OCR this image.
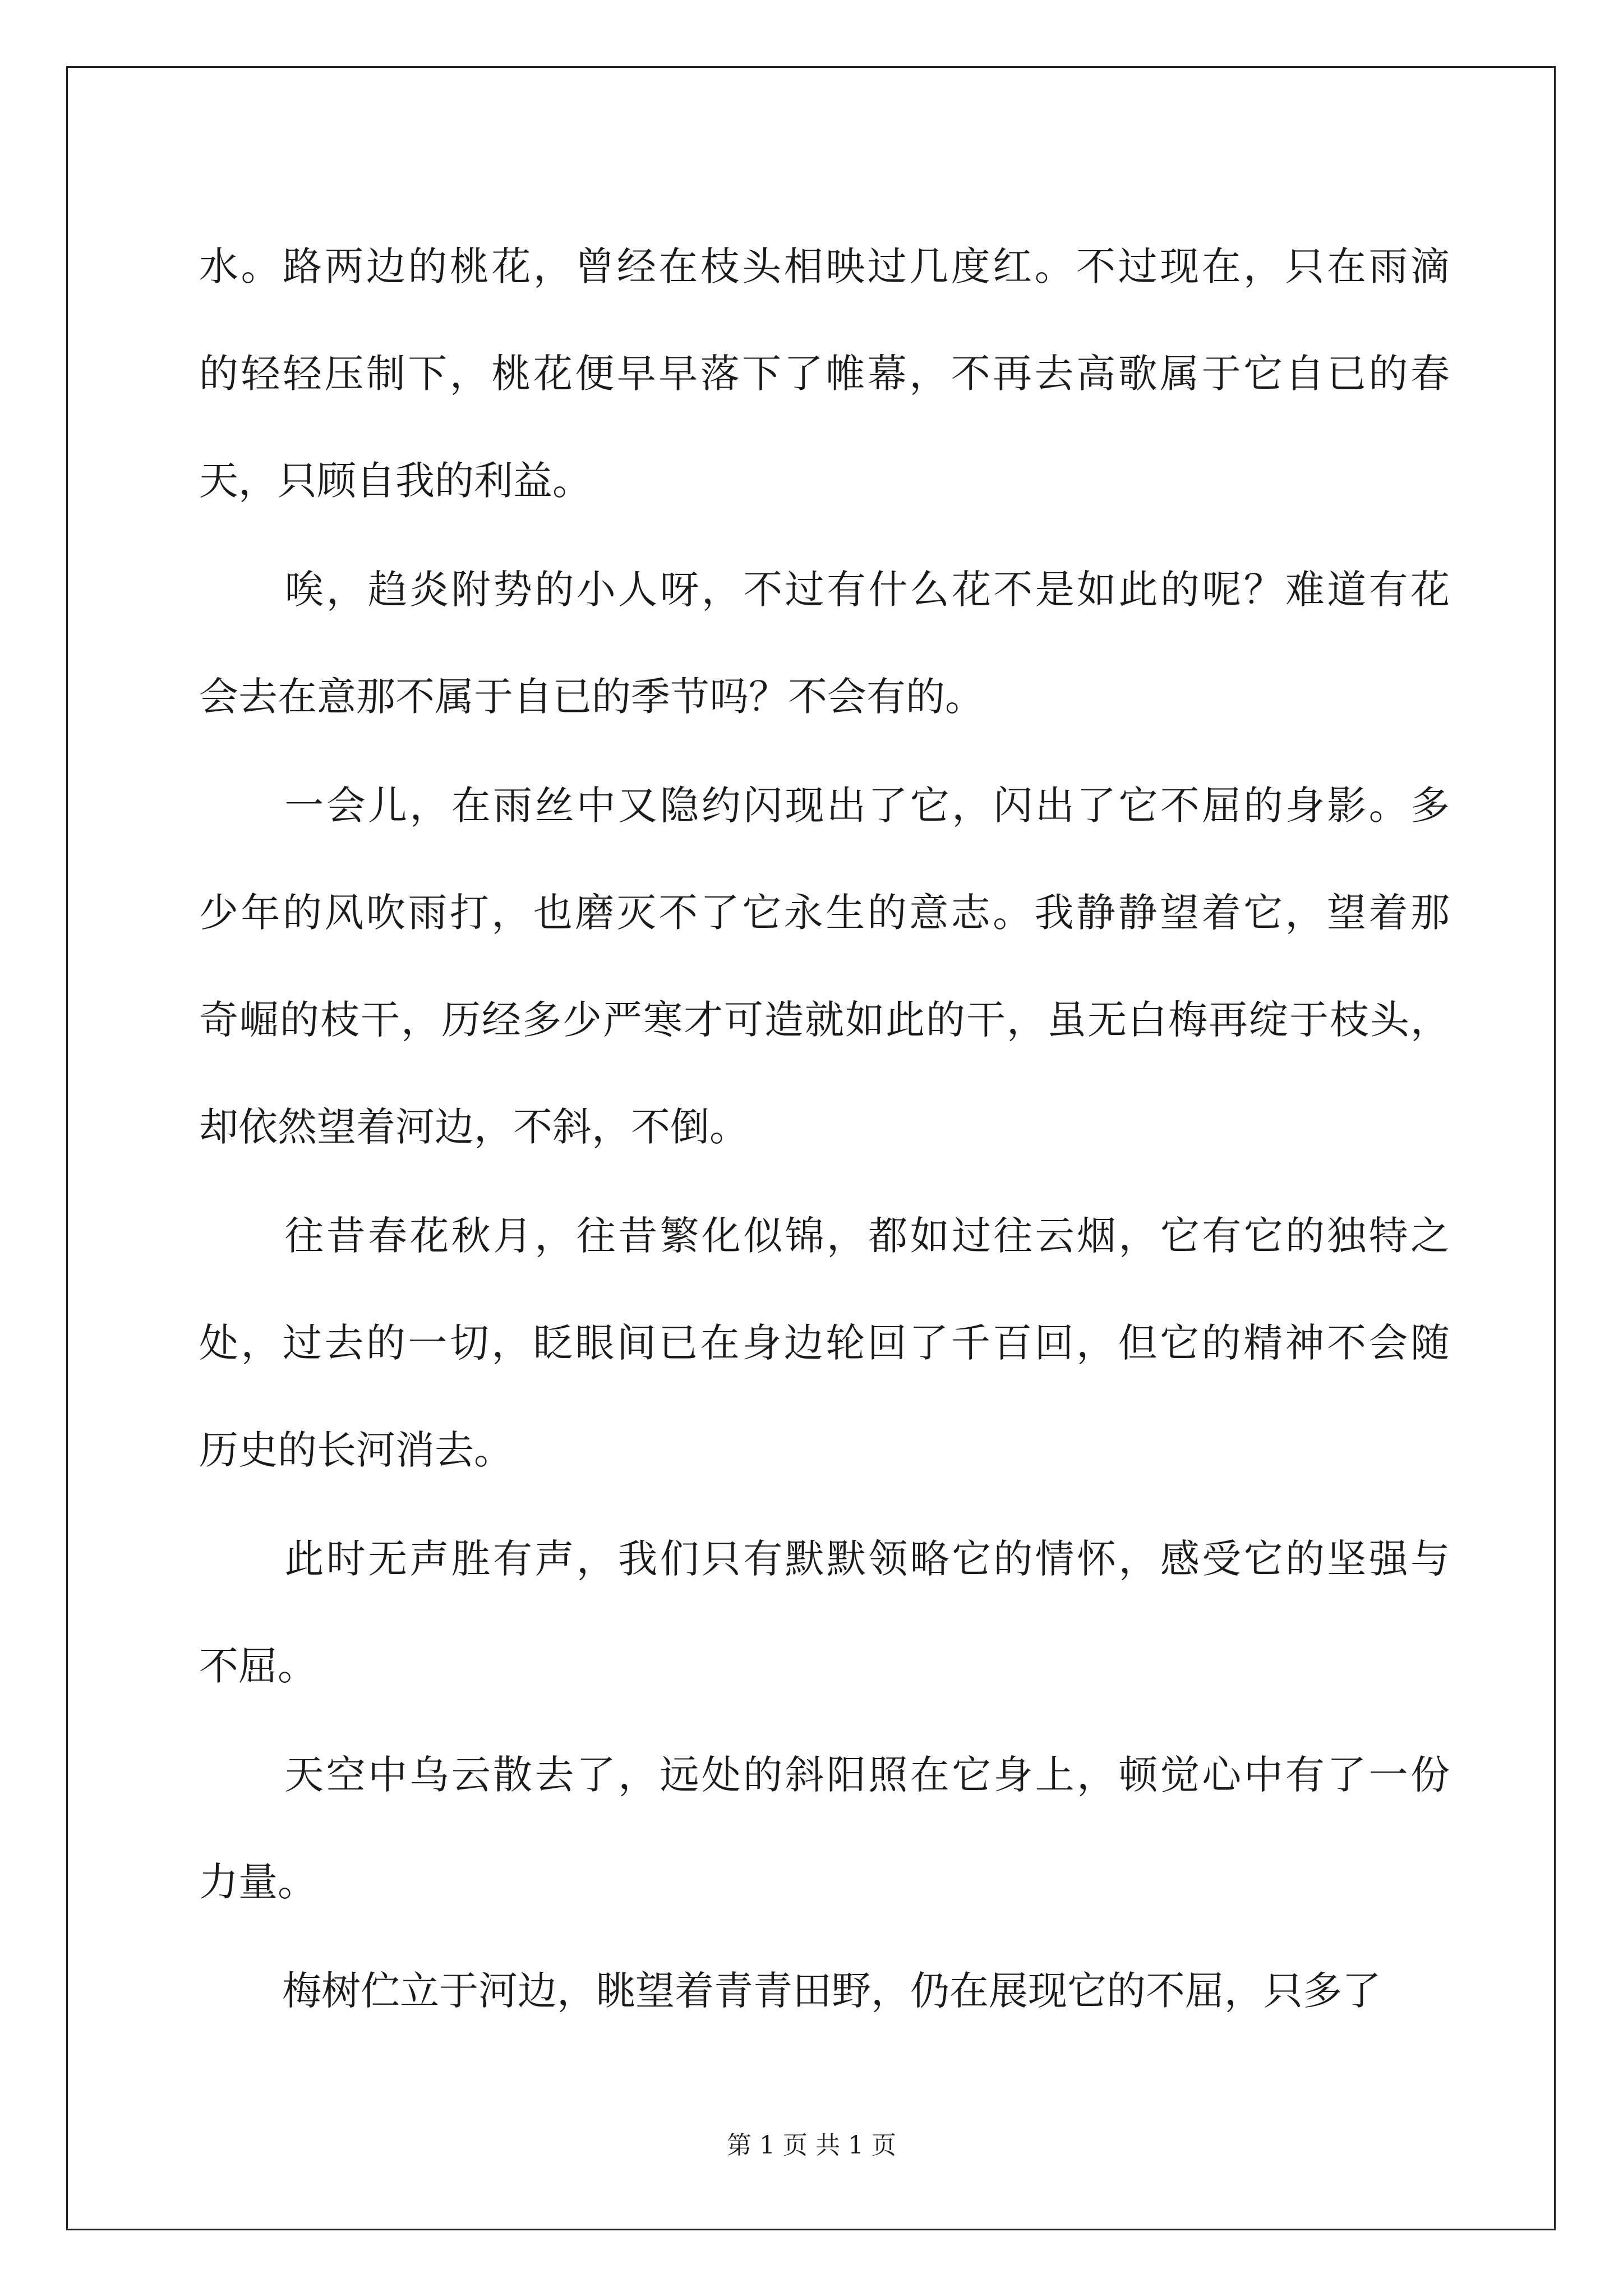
水。路两边的桃花，曾经在枝头相映过几度红。不过现在，只在雨滴
的轻轻压制下，桃花便早早落下了帷幕，不再去高歌属于它自已的春
天，只顾自我的利益。
唉，趋炎附势的小人呀，不过有什么花不是如此的呢？难道有花
会去在意那不属于自已的季节吗？不会有的。
一会儿，在雨丝中又隐约闪现出了它，闪出了它不屈的身影。多
少年的风吹雨打，也磨灭不了它永生的意志。我静静望着它，望着那
奇崛的枝干，历经多少严寒才可造就如此的干，虽无白梅再绽于枝头，
却依然望着河边，不斜，不倒。
往昔春花秋月，往昔繁化似锦，都如过往云烟，它有它的独特之
处，过去的一切，眨眼间已在身边轮回了千百回，但它的精神不会随
历史的长河消去。
此时无声胜有声，我们只有默默领略它的情怀，感受它的坚强与
不屈。
天空中乌云散去了，远处的斜阳照在它身上，顿觉心中有了一份
力量。
梅树伫立于河边，眺望着青青田野，仍在展现它的不屈，只多了
第 1 页 共 1 页
